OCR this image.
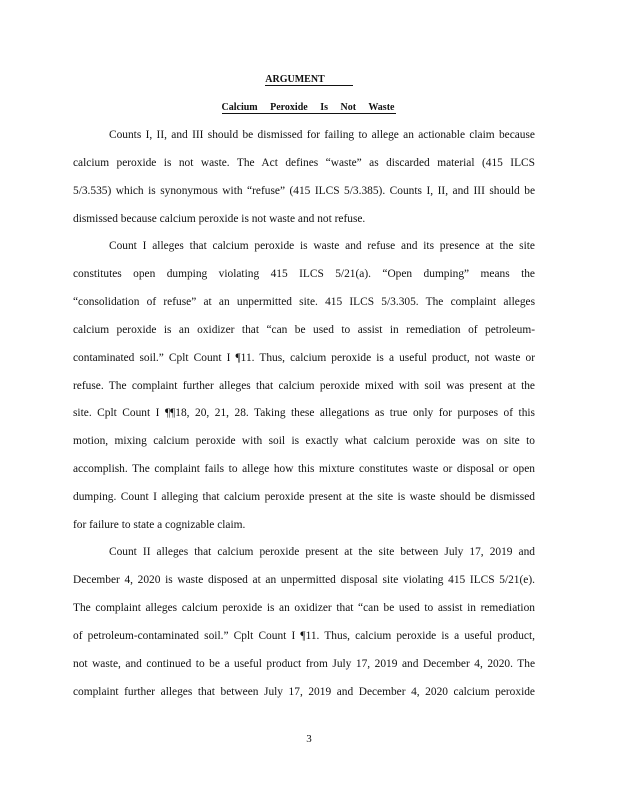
ARGUMENT
Calcium Peroxide Is Not Waste
Counts I, II, and III should be dismissed for failing to allege an actionable claim because
calcium peroxide is not waste. The Act defines “waste” as discarded material (415 ILCS
5/3.535) which is synonymous with “refuse” (415 ILCS 5/3.385). Counts I, II, and III should be
dismissed because calcium peroxide is not waste and not refuse.
Count I alleges that calcium peroxide is waste and refuse and its presence at the site
constitutes open dumping violating 415 ILCS 5/21(a). “Open dumping” means the
“consolidation of refuse” at an unpermitted site. 415 ILCS 5/3.305. The complaint alleges
calcium peroxide is an oxidizer that “can be used to assist in remediation of petroleum-
contaminated soil.” Cplt Count I ¶11. Thus, calcium peroxide is a useful product, not waste or
refuse. The complaint further alleges that calcium peroxide mixed with soil was present at the
site. Cplt Count I ¶¶18, 20, 21, 28. Taking these allegations as true only for purposes of this
motion, mixing calcium peroxide with soil is exactly what calcium peroxide was on site to
accomplish. The complaint fails to allege how this mixture constitutes waste or disposal or open
dumping. Count I alleging that calcium peroxide present at the site is waste should be dismissed
for failure to state a cognizable claim.
Count II alleges that calcium peroxide present at the site between July 17, 2019 and
December 4, 2020 is waste disposed at an unpermitted disposal site violating 415 ILCS 5/21(e).
The complaint alleges calcium peroxide is an oxidizer that “can be used to assist in remediation
of petroleum-contaminated soil.” Cplt Count I ¶11. Thus, calcium peroxide is a useful product,
not waste, and continued to be a useful product from July 17, 2019 and December 4, 2020. The
complaint further alleges that between July 17, 2019 and December 4, 2020 calcium peroxide
3
